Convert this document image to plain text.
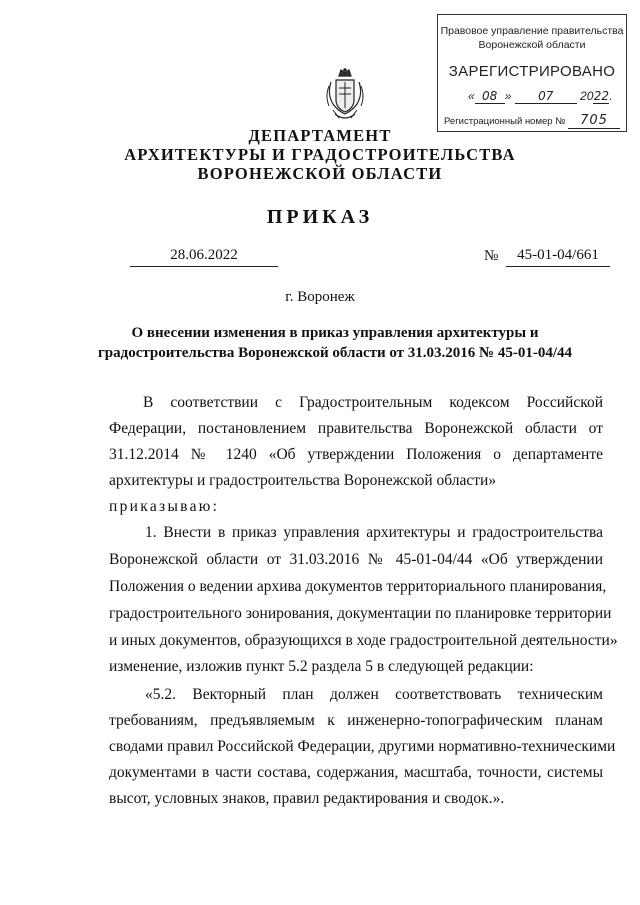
Правовое управление правительства
Воронежской области
ЗАРЕГИСТРИРОВАНО
« 08 » 07 2022.
Регистрационный номер № 705
ДЕПАРТАМЕНТ
АРХИТЕКТУРЫ И ГРАДОСТРОИТЕЛЬСТВА
ВОРОНЕЖСКОЙ ОБЛАСТИ
ПРИКАЗ
28.06.2022	№	45-01-04/661
г. Воронеж
О внесении изменения в приказ управления архитектуры и
градостроительства Воронежской области от 31.03.2016 № 45-01-04/44
В соответствии с Градостроительным кодексом Российской
Федерации, постановлением правительства Воронежской области от
31.12.2014 № 1240 «Об утверждении Положения о департаменте
архитектуры и градостроительства Воронежской области»
приказываю:
1. Внести в приказ управления архитектуры и градостроительства
Воронежской области от 31.03.2016 № 45-01-04/44 «Об утверждении
Положения о ведении архива документов территориального планирования,
градостроительного зонирования, документации по планировке территории
и иных документов, образующихся в ходе градостроительной деятельности»
изменение, изложив пункт 5.2 раздела 5 в следующей редакции:
«5.2. Векторный план должен соответствовать техническим
требованиям, предъявляемым к инженерно-топографическим планам
сводами правил Российской Федерации, другими нормативно-техническими
документами в части состава, содержания, масштаба, точности, системы
высот, условных знаков, правил редактирования и сводок.».
